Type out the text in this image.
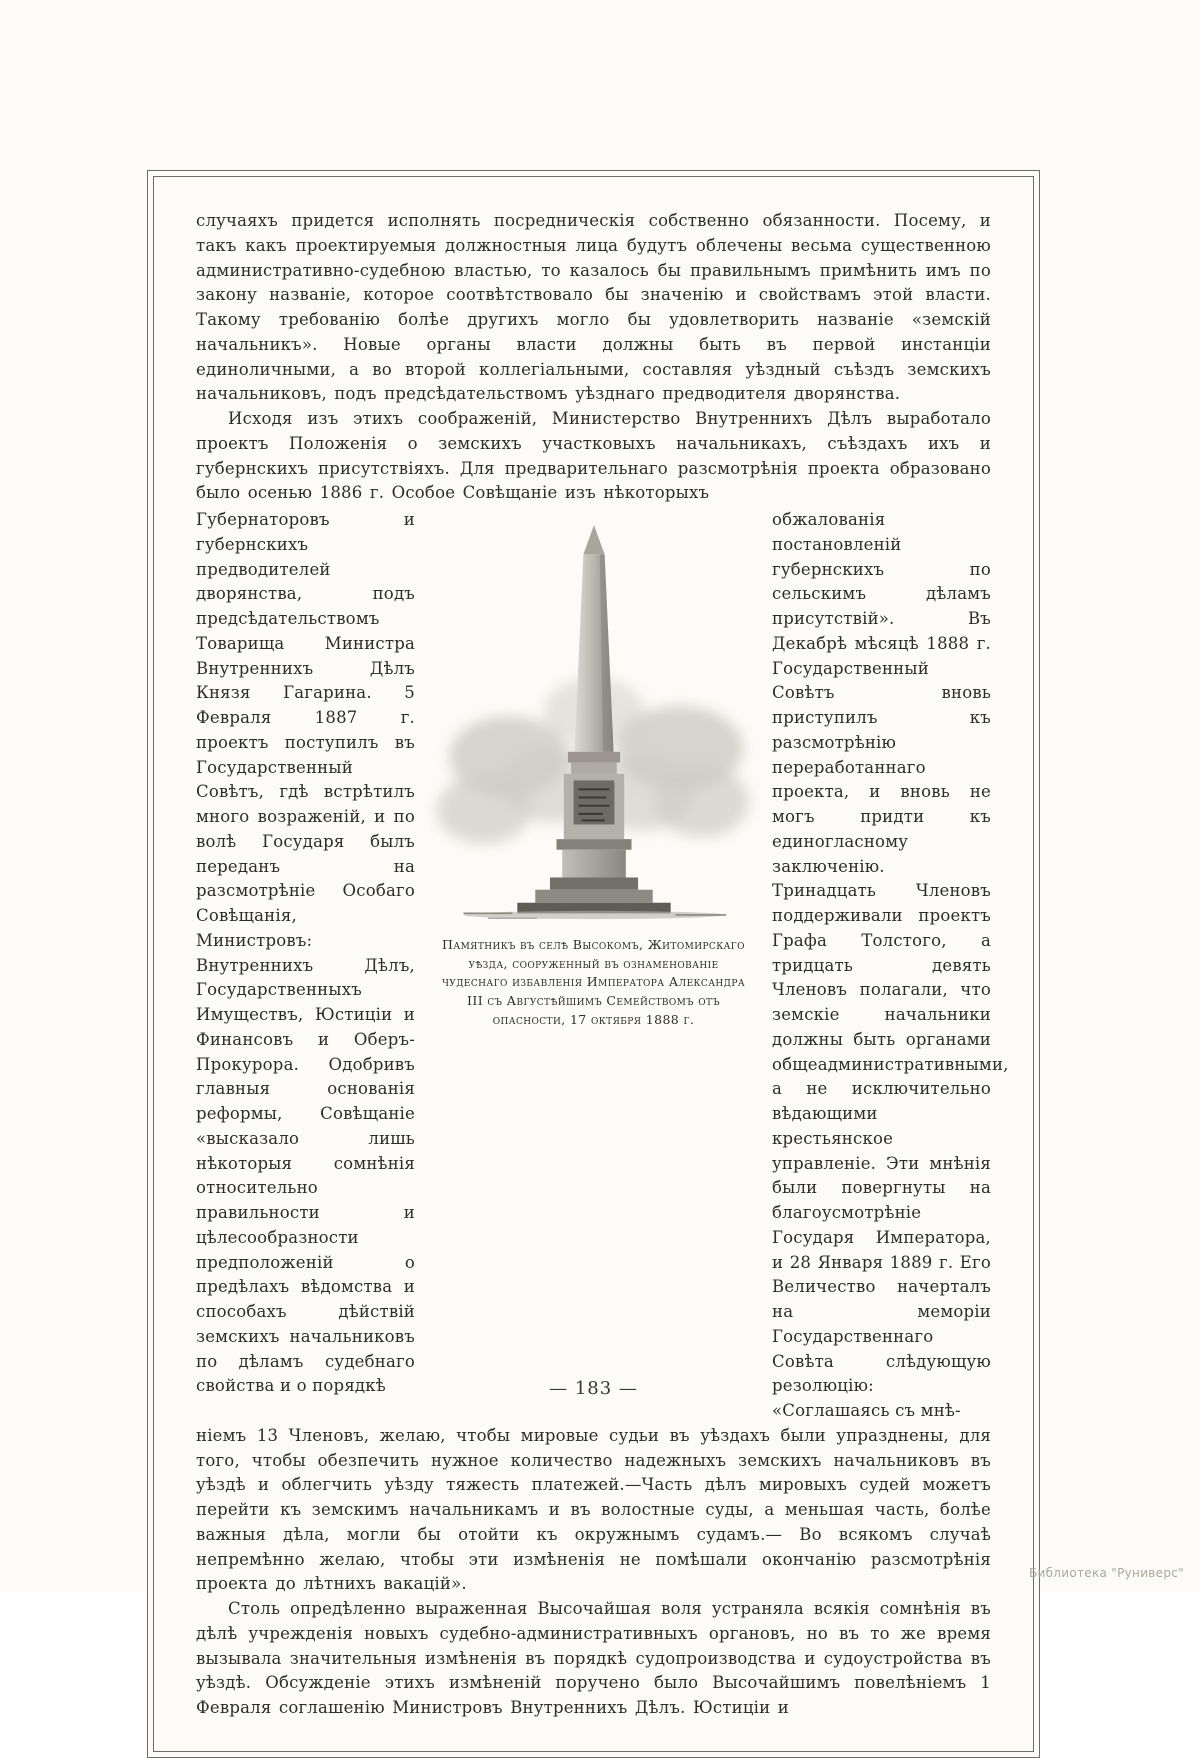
случаяхъ придется исполнять посредническія собственно обязанности. Посему, и такъ какъ проектируемыя должностныя лица будутъ облечены весьма существенною административно-судебною властью, то казалось бы правильнымъ примѣнить имъ по закону названіе, которое соотвѣтствовало бы значенію и свойствамъ этой власти. Такому требованію болѣе другихъ могло бы удовлетворить названіе «земскій начальникъ». Новые органы власти должны быть въ первой инстанціи единоличными, а во второй коллегіальными, составляя уѣздный съѣздъ земскихъ начальниковъ, подъ предсѣдательствомъ уѣзднаго предводителя дворянства.

Исходя изъ этихъ соображеній, Министерство Внутреннихъ Дѣлъ выработало проектъ Положенія о земскихъ участковыхъ начальникахъ, съѣздахъ ихъ и губернскихъ присутствіяхъ. Для предварительнаго разсмотрѣнія проекта образовано было осенью 1886 г. Особое Совѣщаніе изъ нѣкоторыхъ

Губернаторовъ и губернскихъ предводителей дворянства, подъ предсѣдательствомъ Товарища Министра Внутреннихъ Дѣлъ Князя Гагарина. 5 Февраля 1887 г. проектъ поступилъ въ Государственный Совѣтъ, гдѣ встрѣтилъ много возраженій, и по волѣ Государя былъ переданъ на разсмотрѣніе Особаго Совѣщанія, Министровъ: Внутреннихъ Дѣлъ, Государственныхъ Имуществъ, Юстиціи и Финансовъ и Оберъ-Прокурора. Одобривъ главныя основанія реформы, Совѣщаніе «высказало лишь нѣкоторыя сомнѣнія относительно правильности и цѣлесообразности предположеній о предѣлахъ вѣдомства и способахъ дѣйствій земскихъ начальниковъ по дѣламъ судебнаго свойства и о порядкѣ
Памятникъ въ селѣ Высокомъ, Житомирскаго уѣзда, сооруженный въ ознаменованіе чудеснаго избавленія Императора Александра III съ Августѣйшимъ Семействомъ отъ опасности, 17 октября 1888 г.
обжалованія постановленій губернскихъ по сельскимъ дѣламъ присутствій». Въ Декабрѣ мѣсяцѣ 1888 г. Государственный Совѣтъ вновь приступилъ къ разсмотрѣнію переработаннаго проекта, и вновь не могъ придти къ единогласному заключенію. Тринадцать Членовъ поддерживали проектъ Графа Толстого, а тридцать девять Членовъ полагали, что земскіе начальники должны быть органами общеадминистративными, а не исключительно вѣдающими крестьянское управленіе. Эти мнѣнія были повергнуты на благоусмотрѣніе Государя Императора, и 28 Января 1889 г. Его Величество начерталъ на меморіи Государственнаго Совѣта слѣдующую резолюцію: «Соглашаясь съ мнѣ-

ніемъ 13 Членовъ, желаю, чтобы мировые судьи въ уѣздахъ были упразднены, для того, чтобы обезпечить нужное количество надежныхъ земскихъ начальниковъ въ уѣздѣ и облегчить уѣзду тяжесть платежей.—Часть дѣлъ мировыхъ судей можетъ перейти къ земскимъ начальникамъ и въ волостные суды, а меньшая часть, болѣе важныя дѣла, могли бы отойти къ окружнымъ судамъ.— Во всякомъ случаѣ непремѣнно желаю, чтобы эти измѣненія не помѣшали окончанію разсмотрѣнія проекта до лѣтнихъ вакацій».

Столь опредѣленно выраженная Высочайшая воля устраняла всякія сомнѣнія въ дѣлѣ учрежденія новыхъ судебно-административныхъ органовъ, но въ то же время вызывала значительныя измѣненія въ порядкѣ судопроизводства и судоустройства въ уѣздѣ. Обсужденіе этихъ измѣненій поручено было Высочайшимъ повелѣніемъ 1 Февраля соглашенію Министровъ Внутреннихъ Дѣлъ. Юстиціи и

— 183 —
Библиотека "Руниверс"
